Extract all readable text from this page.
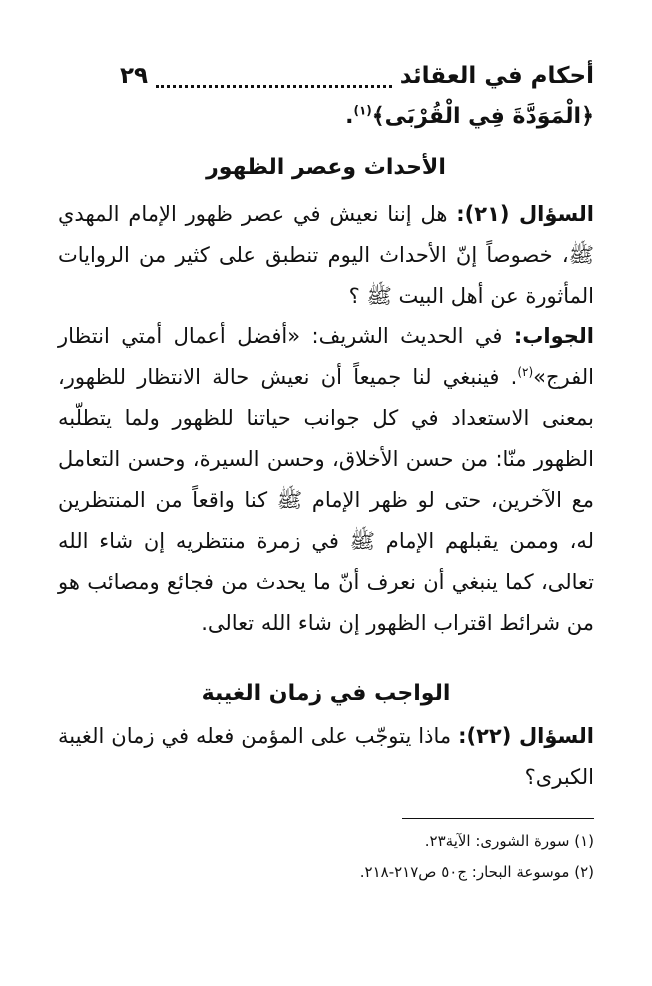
أحكام في العقائد
٢٩
﴿الْمَوَدَّةَ فِي الْقُرْبَى﴾$^{(١)}$.
الأحداث وعصر الظهور
السؤال (٢١): هل إننا نعيش في عصر ظهور الإمام المهدي ﷺ، خصوصاً إنّ الأحداث اليوم تنطبق على كثير من الروايات المأثورة عن أهل البيت ﷺ ؟
الجواب: في الحديث الشريف: «أفضل أعمال أمتي انتظار الفرج»$^{(٢)}$. فينبغي لنا جميعاً أن نعيش حالة الانتظار للظهور، بمعنى الاستعداد في كل جوانب حياتنا للظهور ولما يتطلّبه الظهور منّا: من حسن الأخلاق، وحسن السيرة، وحسن التعامل مع الآخرين، حتى لو ظهر الإمام ﷺ كنا واقعاً من المنتظرين له، وممن يقبلهم الإمام ﷺ في زمرة منتظريه إن شاء الله تعالى، كما ينبغي أن نعرف أنّ ما يحدث من فجائع ومصائب هو من شرائط اقتراب الظهور إن شاء الله تعالى.
الواجب في زمان الغيبة
السؤال (٢٢): ماذا يتوجّب على المؤمن فعله في زمان الغيبة الكبرى؟
(١) سورة الشورى: الآية٢٣.
(٢) موسوعة البحار: ج٥٠ ص٢١٧-٢١٨.
